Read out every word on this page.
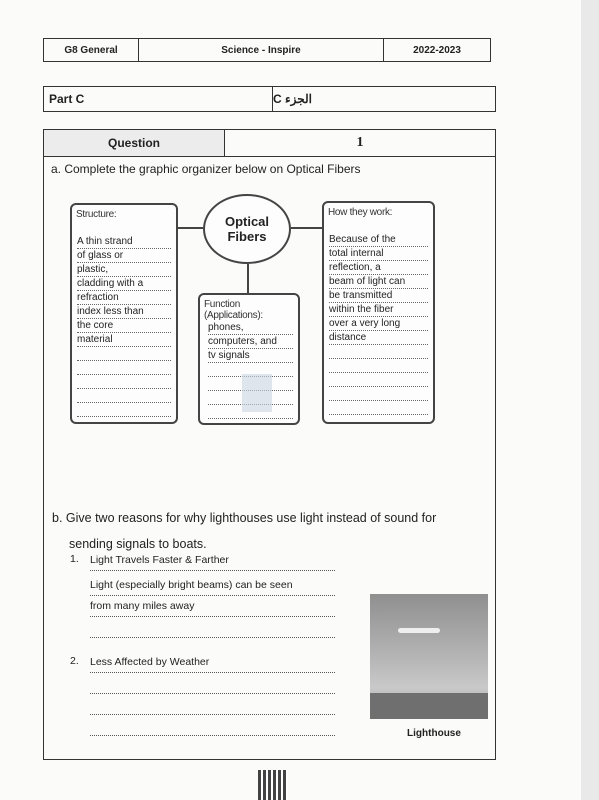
G8 General	Science - Inspire	2022-2023
Part C	الجزء C
Question	1
a. Complete the graphic organizer below on Optical Fibers
Structure:
A thin strand
of glass or
plastic,
cladding with a
refraction
index less than
the core
material
Optical
Fibers
Function (Applications):
phones,
computers, and
tv signals
How they work:
Because of the
total internal
reflection, a
beam of light can
be transmitted
within the fiber
over a very long
distance
b. Give two reasons for why lighthouses use light instead of sound for
sending signals to boats.
1.	Light Travels Faster & Farther
Light (especially bright beams) can be seen
from many miles away
2.	Less Affected by Weather
Lighthouse
